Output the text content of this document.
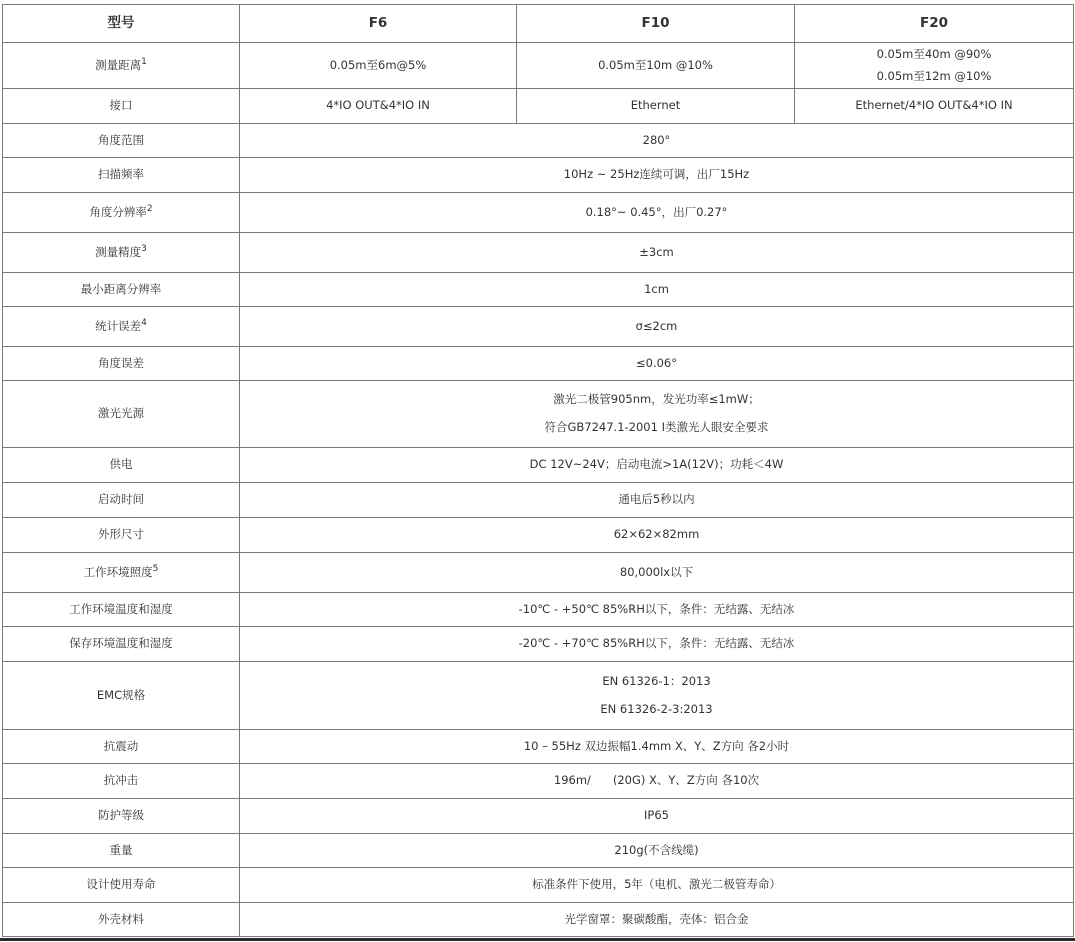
型号	F6	F10	F20
测量距离$^1$	0.05m至6m@5%	0.05m至10m @10%	0.05m至40m @90%
0.05m至12m @10%

接口	4*IO OUT&4*IO IN	Ethernet	Ethernet/4*IO OUT&4*IO IN
角度范围	280°		
扫描频率	10Hz ~ 25Hz连续可调，出厂15Hz		
角度分辨率$^2$	0.18°~ 0.45°，出厂0.27°		
测量精度$^3$	±3cm		
最小距离分辨率	1cm		
统计误差$^4$	σ≤2cm		
角度误差	≤0.06°		
激光光源	激光二极管905nm，发光功率≤1mW；
符合GB7247.1-2001 I类激光人眼安全要求		

供电	DC 12V~24V；启动电流>1A(12V)；功耗＜4W		
启动时间	通电后5秒以内		
外形尺寸	62×62×82mm		
工作环境照度$^5$	80,000lx以下		
工作环境温度和湿度	-10℃ - +50℃ 85%RH以下，条件：无结露、无结冰		
保存环境温度和湿度	-20℃ - +70℃ 85%RH以下，条件：无结露、无结冰		
EMC规格	EN 61326-1：2013
EN 61326-2-3:2013		

抗震动	10 – 55Hz 双边振幅1.4mm X、Y、Z方向 各2小时		
抗冲击	196m/      (20G) X、Y、Z方向 各10次		
防护等级	IP65		
重量	210g(不含线缆)		
设计使用寿命	标准条件下使用，5年（电机、激光二极管寿命）		
外壳材料	光学窗罩：聚碳酸酯，壳体：铝合金		
